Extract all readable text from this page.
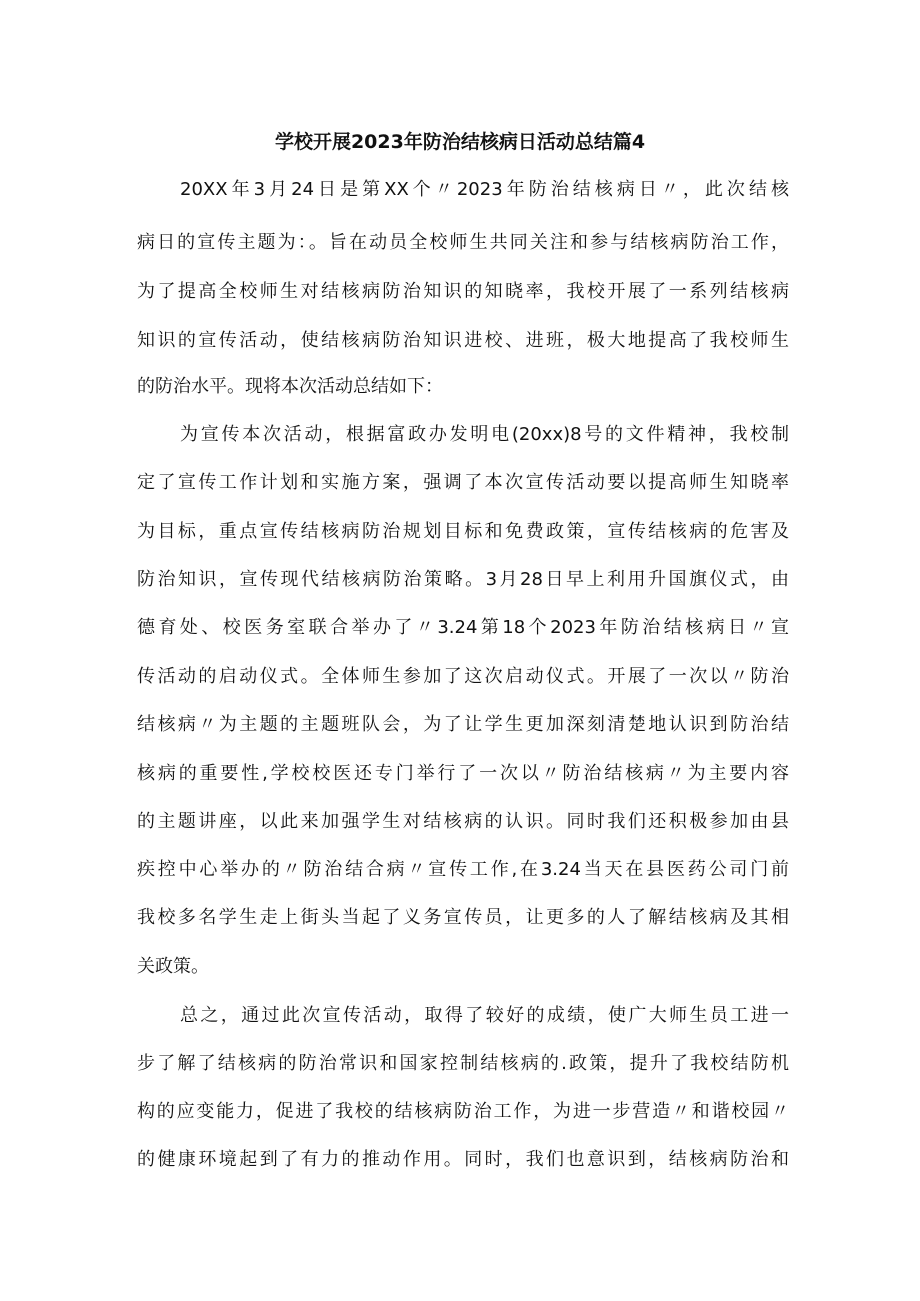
学校开展2023年防治结核病日活动总结篇4

20XX年3月24日是第XX个〃2023年防治结核病日〃，此次结核

病日的宣传主题为：。旨在动员全校师生共同关注和参与结核病防治工作，

为了提高全校师生对结核病防治知识的知晓率，我校开展了一系列结核病

知识的宣传活动，使结核病防治知识进校、进班，极大地提高了我校师生

的防治水平。现将本次活动总结如下：

为宣传本次活动，根据富政办发明电(20xx)8号的文件精神，我校制

定了宣传工作计划和实施方案，强调了本次宣传活动要以提高师生知晓率

为目标，重点宣传结核病防治规划目标和免费政策，宣传结核病的危害及

防治知识，宣传现代结核病防治策略。3月28日早上利用升国旗仪式，由

德育处、校医务室联合举办了〃3.24第18个2023年防治结核病日〃宣

传活动的启动仪式。全体师生参加了这次启动仪式。开展了一次以〃防治

结核病〃为主题的主题班队会，为了让学生更加深刻清楚地认识到防治结

核病的重要性,学校校医还专门举行了一次以〃防治结核病〃为主要内容

的主题讲座，以此来加强学生对结核病的认识。同时我们还积极参加由县

疾控中心举办的〃防治结合病〃宣传工作,在3.24当天在县医药公司门前

我校多名学生走上街头当起了义务宣传员，让更多的人了解结核病及其相

关政策。

总之，通过此次宣传活动，取得了较好的成绩，使广大师生员工进一

步了解了结核病的防治常识和国家控制结核病的.政策，提升了我校结防机

构的应变能力，促进了我校的结核病防治工作，为进一步营造〃和谐校园〃

的健康环境起到了有力的推动作用。同时，我们也意识到，结核病防治和
